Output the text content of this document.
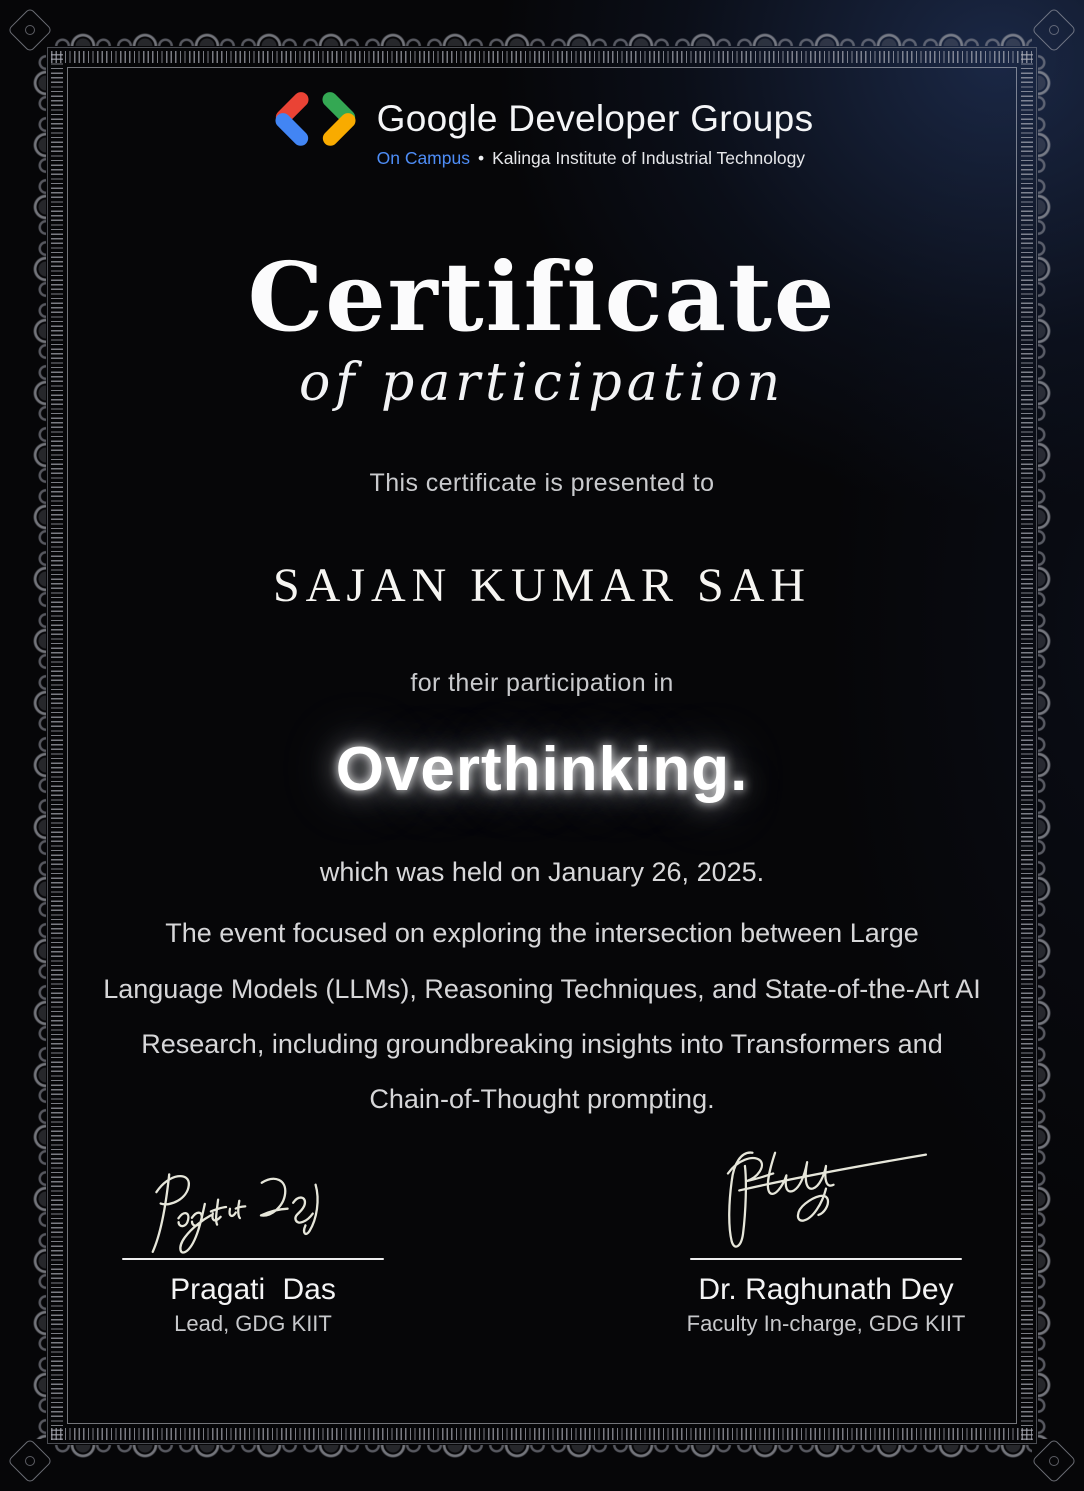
Google Developer Groups
On Campus • Kalinga Institute of Industrial Technology
Certificate
of participation

This certificate is presented to

SAJAN KUMAR SAH

for their participation in

Overthinking.

which was held on January 26, 2025.

The event focused on exploring the intersection between Large Language Models (LLMs), Reasoning Techniques, and State-of-the-Art AI Research, including groundbreaking insights into Transformers and Chain-of-Thought prompting.

Pragati Das
Lead, GDG KIIT
Dr. Raghunath Dey
Faculty In-charge, GDG KIIT
